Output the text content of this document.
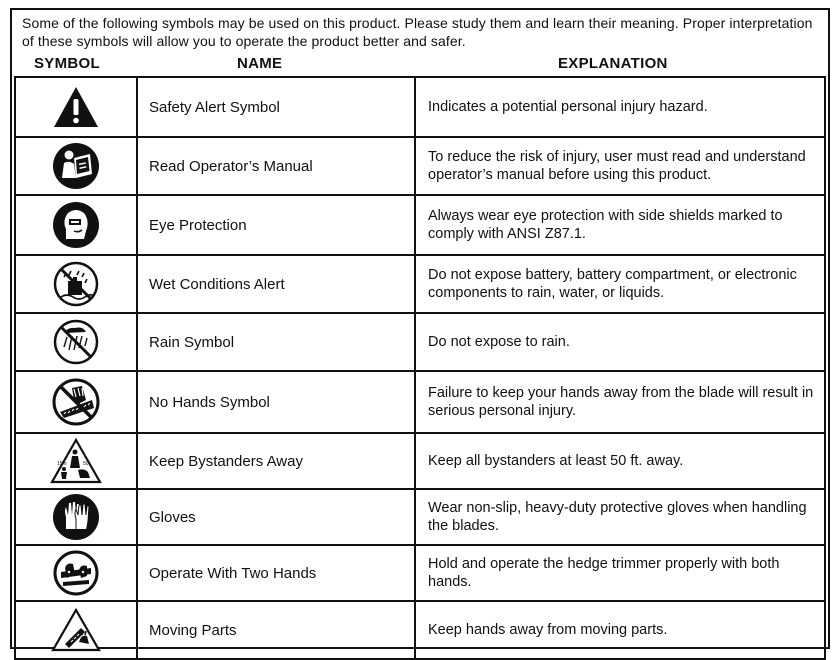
Some of the following symbols may be used on this product. Please study them and learn their meaning. Proper interpretation of these symbols will allow you to operate the product better and safer.
SYMBOL	NAME	EXPLANATION
	Safety Alert Symbol	Indicates a potential personal injury hazard.

	Read Operator’s Manual	To reduce the risk of injury, user must read and understand operator’s manual before using this product.

	Eye Protection	Always wear eye protection with side shields marked to comply with ANSI Z87.1.

	Wet Conditions Alert	Do not expose battery, battery compartment, or electronic components to rain, water, or liquids.

	Rain Symbol	Do not expose to rain.

	No Hands Symbol	Failure to keep your hands away from the blade will result in serious personal injury.

50'
15m	Keep Bystanders Away	Keep all bystanders at least 50 ft. away.

	Gloves	Wear non-slip, heavy-duty protective gloves when handling the blades.

	Operate With Two Hands	Hold and operate the hedge trimmer properly with both hands.

	Moving Parts	Keep hands away from moving parts.
